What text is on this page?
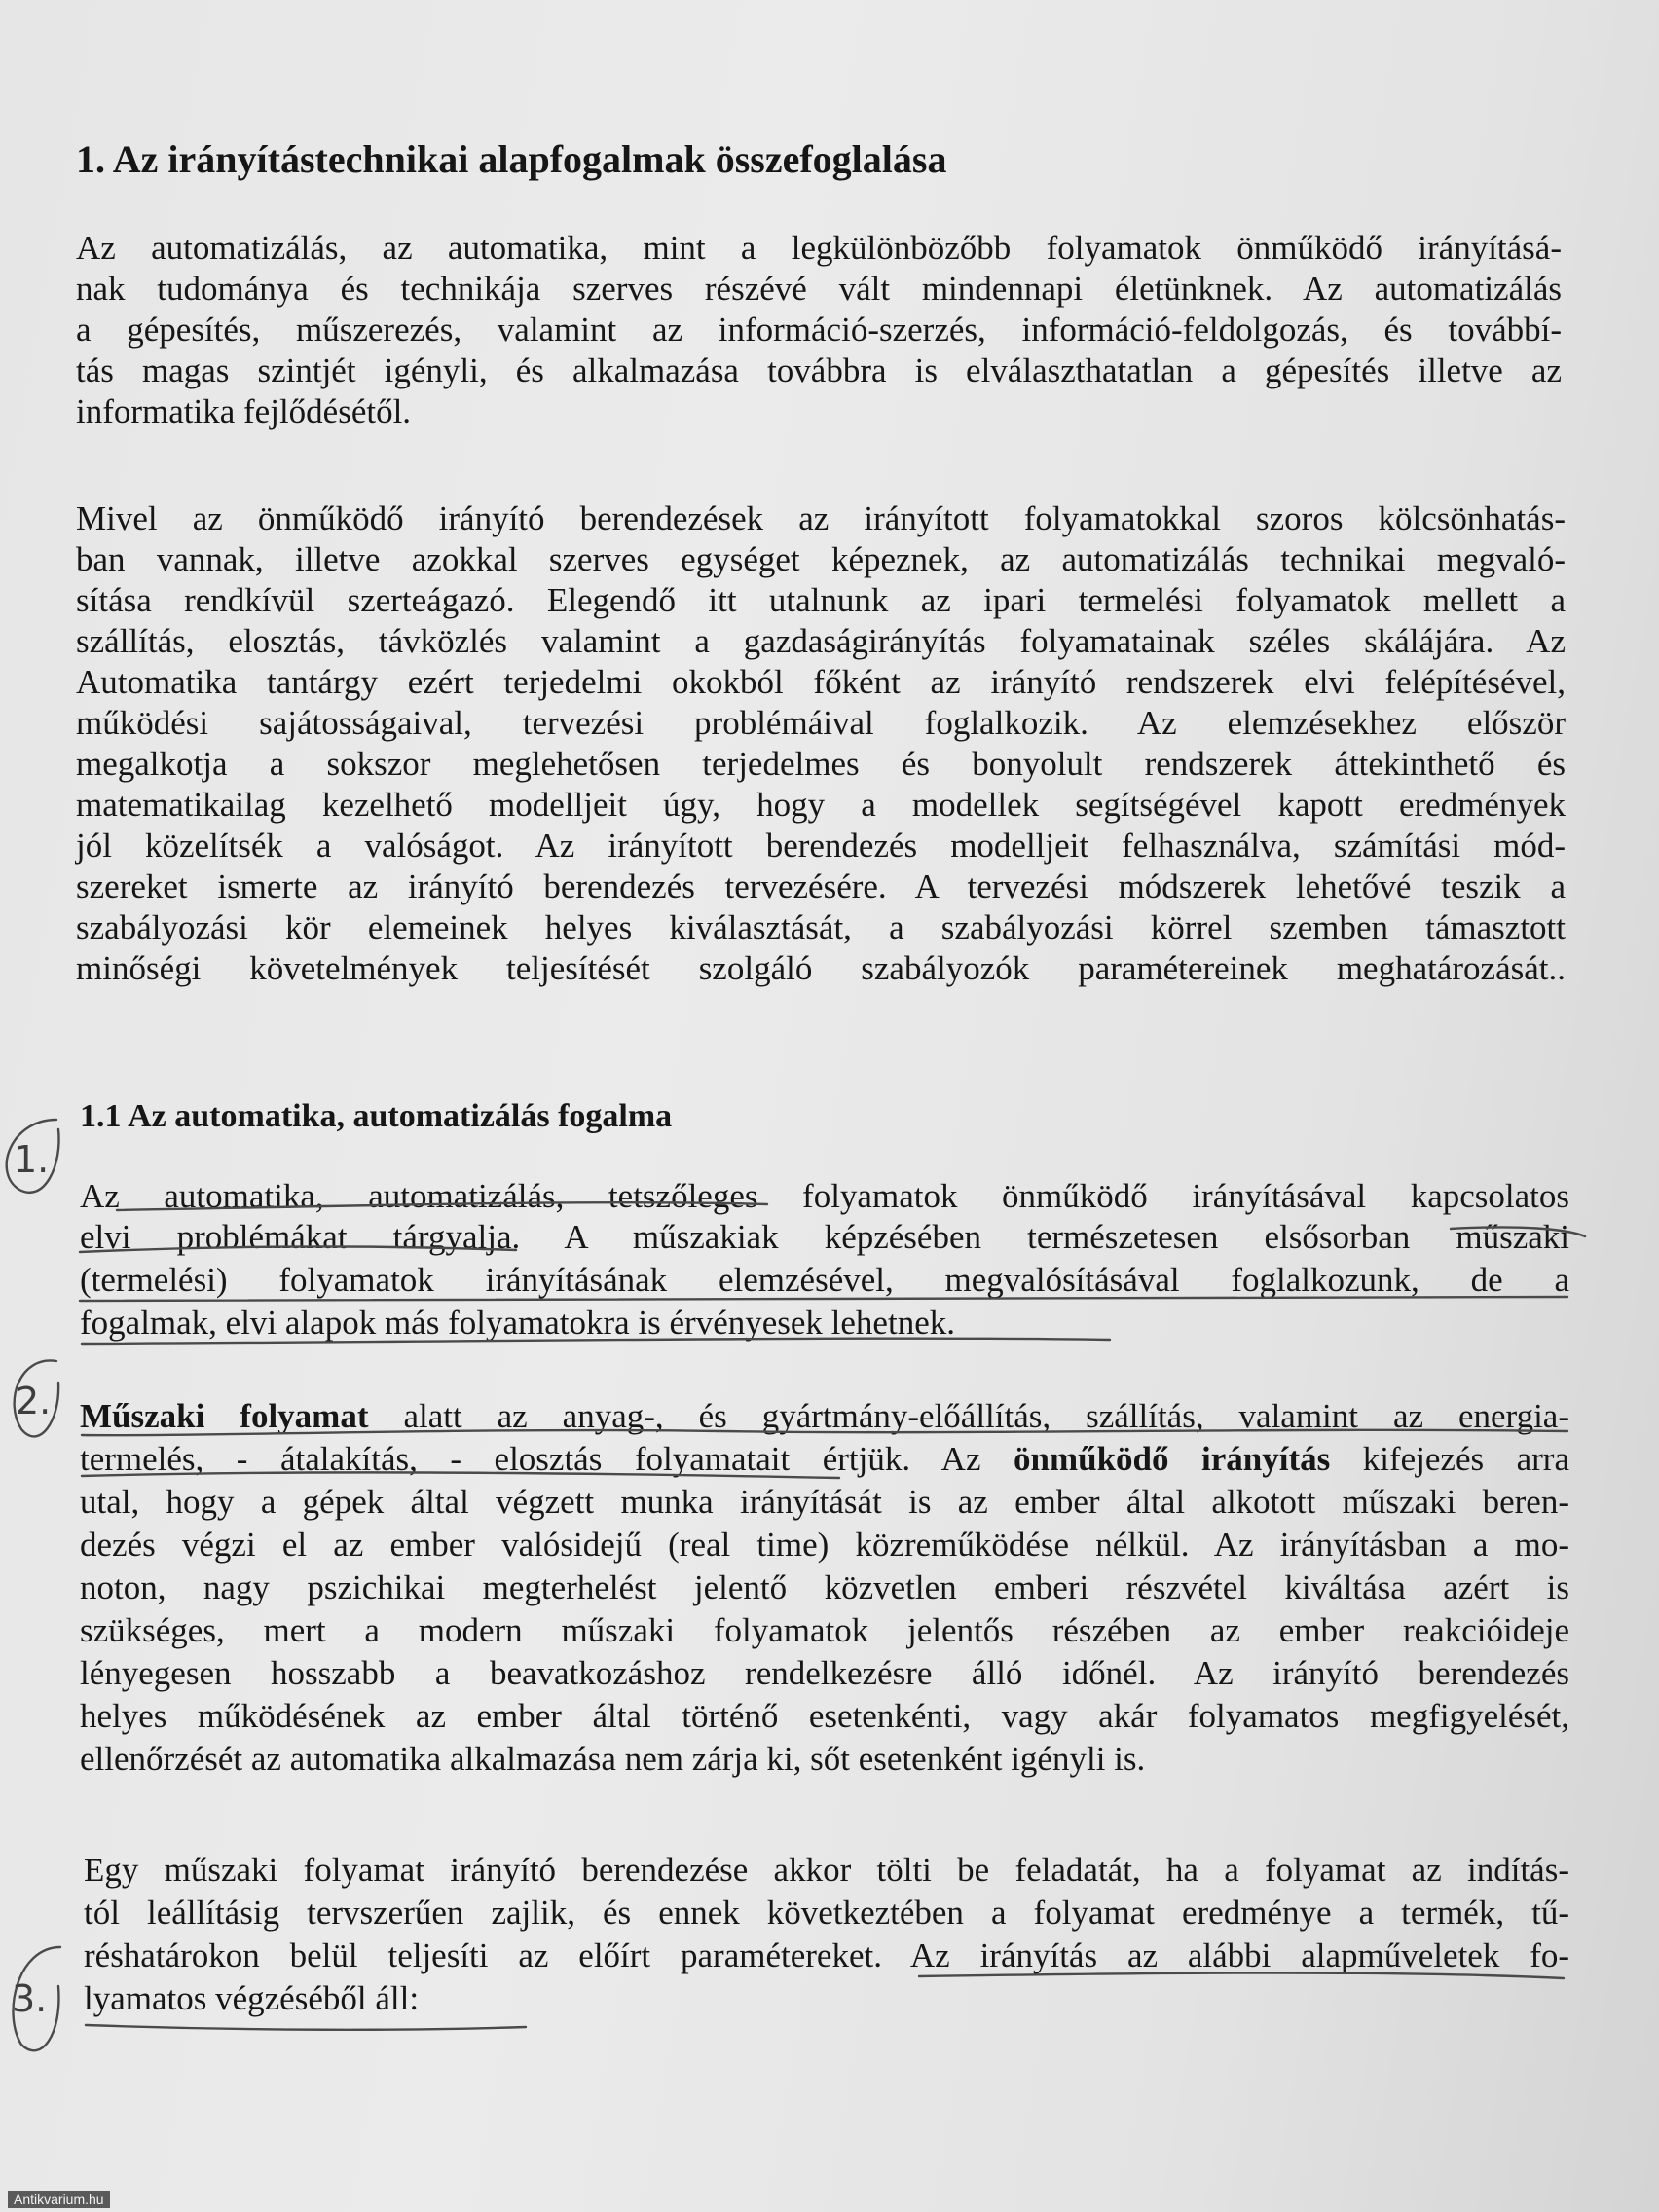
1. Az irányítástechnikai alapfogalmak összefoglalása
Az automatizálás, az automatika, mint a legkülönbözőbb folyamatok önműködő irányításá-
nak tudománya és technikája szerves részévé vált mindennapi életünknek. Az automatizálás
a gépesítés, műszerezés, valamint az információ-szerzés, információ-feldolgozás, és továbbí-
tás magas szintjét igényli, és alkalmazása továbbra is elválaszthatatlan a gépesítés illetve az
informatika fejlődésétől.
Mivel az önműködő irányító berendezések az irányított folyamatokkal szoros kölcsönhatás-
ban vannak, illetve azokkal szerves egységet képeznek, az automatizálás technikai megvaló-
sítása rendkívül szerteágazó. Elegendő itt utalnunk az ipari termelési folyamatok mellett a
szállítás, elosztás, távközlés valamint a gazdaságirányítás folyamatainak széles skálájára. Az
Automatika tantárgy ezért terjedelmi okokból főként az irányító rendszerek elvi felépítésével,
működési sajátosságaival, tervezési problémáival foglalkozik. Az elemzésekhez először
megalkotja a sokszor meglehetősen terjedelmes és bonyolult rendszerek áttekinthető és
matematikailag kezelhető modelljeit úgy, hogy a modellek segítségével kapott eredmények
jól közelítsék a valóságot. Az irányított berendezés modelljeit felhasználva, számítási mód-
szereket ismerte az irányító berendezés tervezésére. A tervezési módszerek lehetővé teszik a
szabályozási kör elemeinek helyes kiválasztását, a szabályozási körrel szemben támasztott
minőségi követelmények teljesítését szolgáló szabályozók paramétereinek meghatározását..
1.1 Az automatika, automatizálás fogalma
Az automatika, automatizálás, tetszőleges folyamatok önműködő irányításával kapcsolatos
elvi problémákat tárgyalja. A műszakiak képzésében természetesen elsősorban műszaki
(termelési) folyamatok irányításának elemzésével, megvalósításával foglalkozunk, de a
fogalmak, elvi alapok más folyamatokra is érvényesek lehetnek.
Műszaki folyamat alatt az anyag-, és gyártmány-előállítás, szállítás, valamint az energia-
termelés, - átalakítás, - elosztás folyamatait értjük. Az önműködő irányítás kifejezés arra
utal, hogy a gépek által végzett munka irányítását is az ember által alkotott műszaki beren-
dezés végzi el az ember valósidejű (real time) közreműködése nélkül. Az irányításban a mo-
noton, nagy pszichikai megterhelést jelentő közvetlen emberi részvétel kiváltása azért is
szükséges, mert a modern műszaki folyamatok jelentős részében az ember reakcióideje
lényegesen hosszabb a beavatkozáshoz rendelkezésre álló időnél. Az irányító berendezés
helyes működésének az ember által történő esetenkénti, vagy akár folyamatos megfigyelését,
ellenőrzését az automatika alkalmazása nem zárja ki, sőt esetenként igényli is.
Egy műszaki folyamat irányító berendezése akkor tölti be feladatát, ha a folyamat az indítás-
tól leállításig tervszerűen zajlik, és ennek következtében a folyamat eredménye a termék, tű-
réshatárokon belül teljesíti az előírt paramétereket. Az irányítás az alábbi alapműveletek fo-
lyamatos végzéséből áll:
1.
2.
3.
Antikvarium.hu
